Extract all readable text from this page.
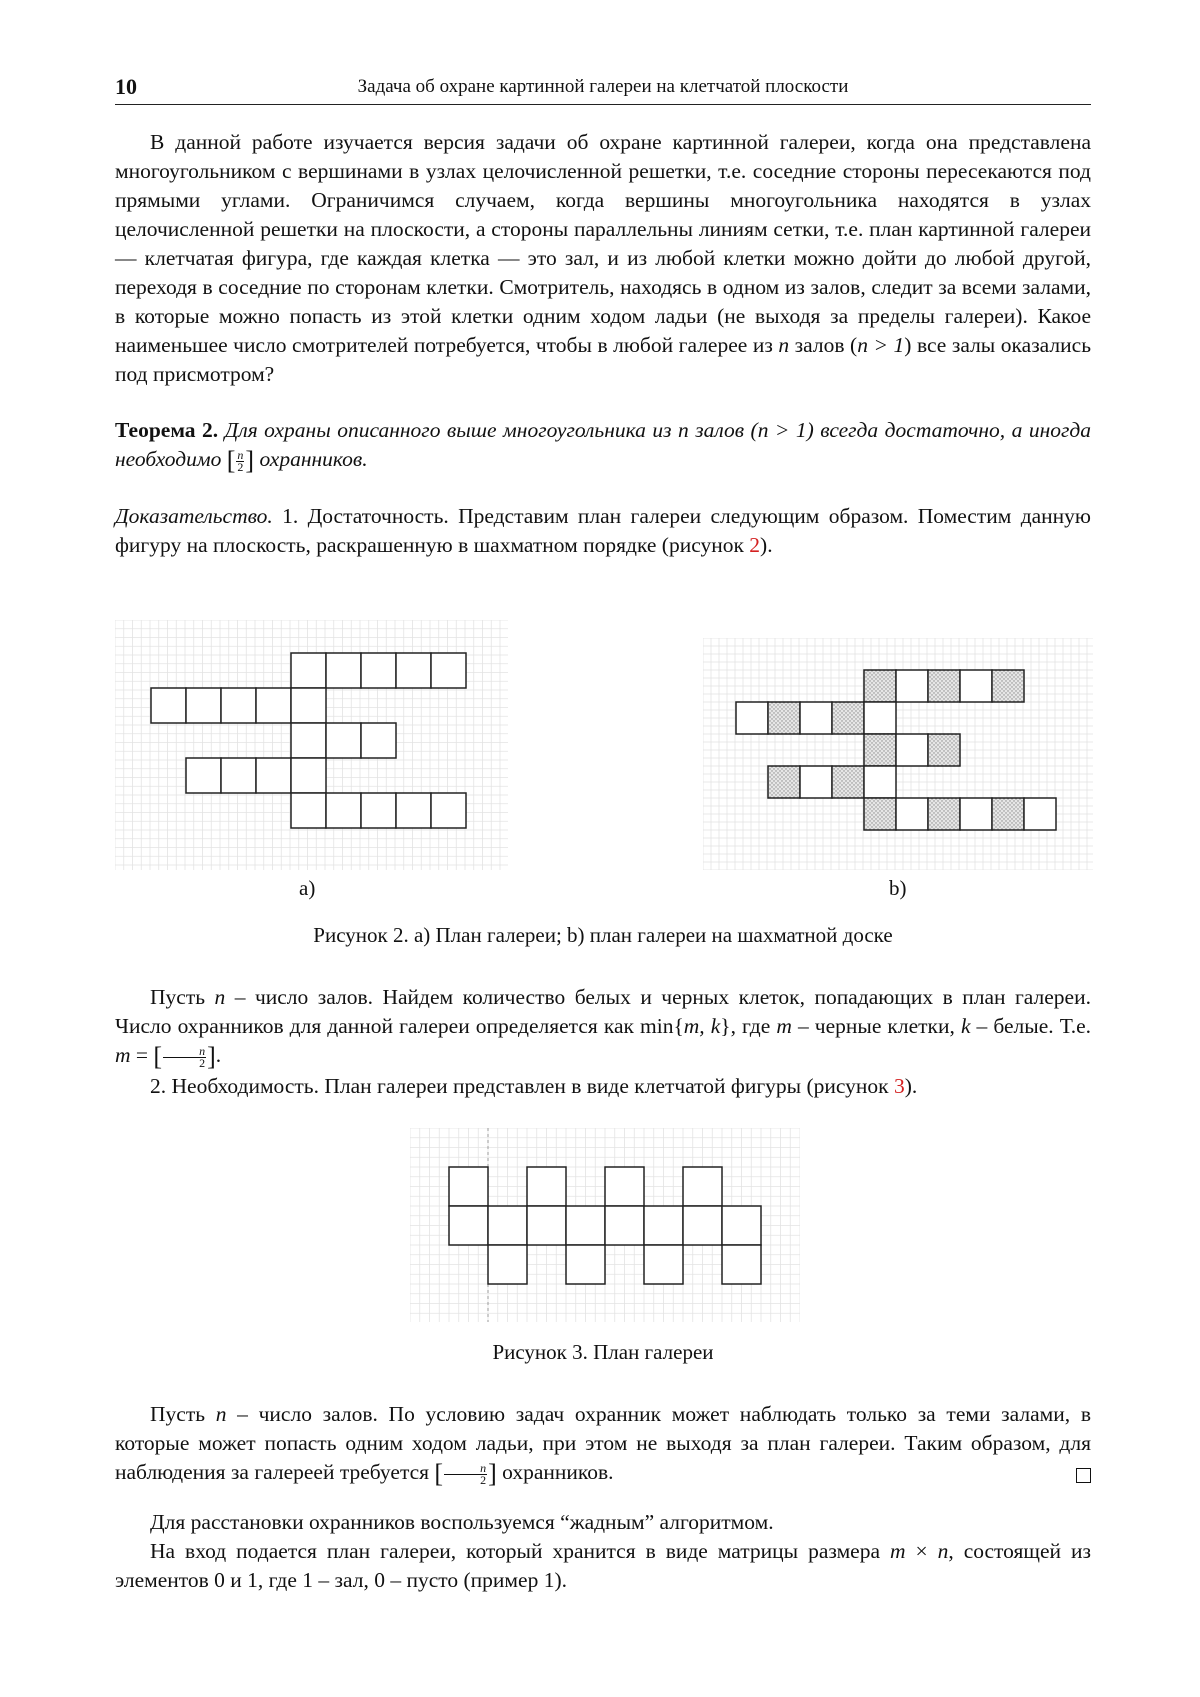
10	Задача об охране картинной галереи на клетчатой плоскости
В данной работе изучается версия задачи об охране картинной галереи, когда она представлена многоугольником с вершинами в узлах целочисленной решетки, т.е. соседние стороны пересекаются под прямыми углами. Ограничимся случаем, когда вершины многоугольника находятся в узлах целочисленной решетки на плоскости, а стороны параллельны линиям сетки, т.е. план картинной галереи — клетчатая фигура, где каждая клетка — это зал, и из любой клетки можно дойти до любой другой, переходя в соседние по сторонам клетки. Смотритель, находясь в одном из залов, следит за всеми залами, в которые можно попасть из этой клетки одним ходом ладьи (не выходя за пределы галереи). Какое наименьшее число смотрителей потребуется, чтобы в любой галерее из n залов (n > 1) все залы оказались под присмотром?
Теорема 2. Для охраны описанного выше многоугольника из n залов (n > 1) всегда достаточно, а иногда необходимо [ $\frac{n}{2}$ ] охранников.
Доказательство. 1. Достаточность. Представим план галереи следующим образом. Поместим данную фигуру на плоскость, раскрашенную в шахматном порядке (рисунок 2).
a)	b)
Рисунок 2. a) План галереи; b) план галереи на шахматной доске
Пусть n – число залов. Найдем количество белых и черных клеток, попадающих в план галереи. Число охранников для данной галереи определяется как min{m, k}, где m – черные клетки, k – белые. Т.е. m = [ $\frac{n}{2}$ ].
2. Необходимость. План галереи представлен в виде клетчатой фигуры (рисунок 3).
Рисунок 3. План галереи
Пусть n – число залов. По условию задач охранник может наблюдать только за теми залами, в которые может попасть одним ходом ладьи, при этом не выходя за план галереи. Таким образом, для наблюдения за галереей требуется [ $\frac{n}{2}$ ] охранников.
Для расстановки охранников воспользуемся “жадным” алгоритмом.
На вход подается план галереи, который хранится в виде матрицы размера m × n, состоящей из элементов 0 и 1, где 1 – зал, 0 – пусто (пример 1).
